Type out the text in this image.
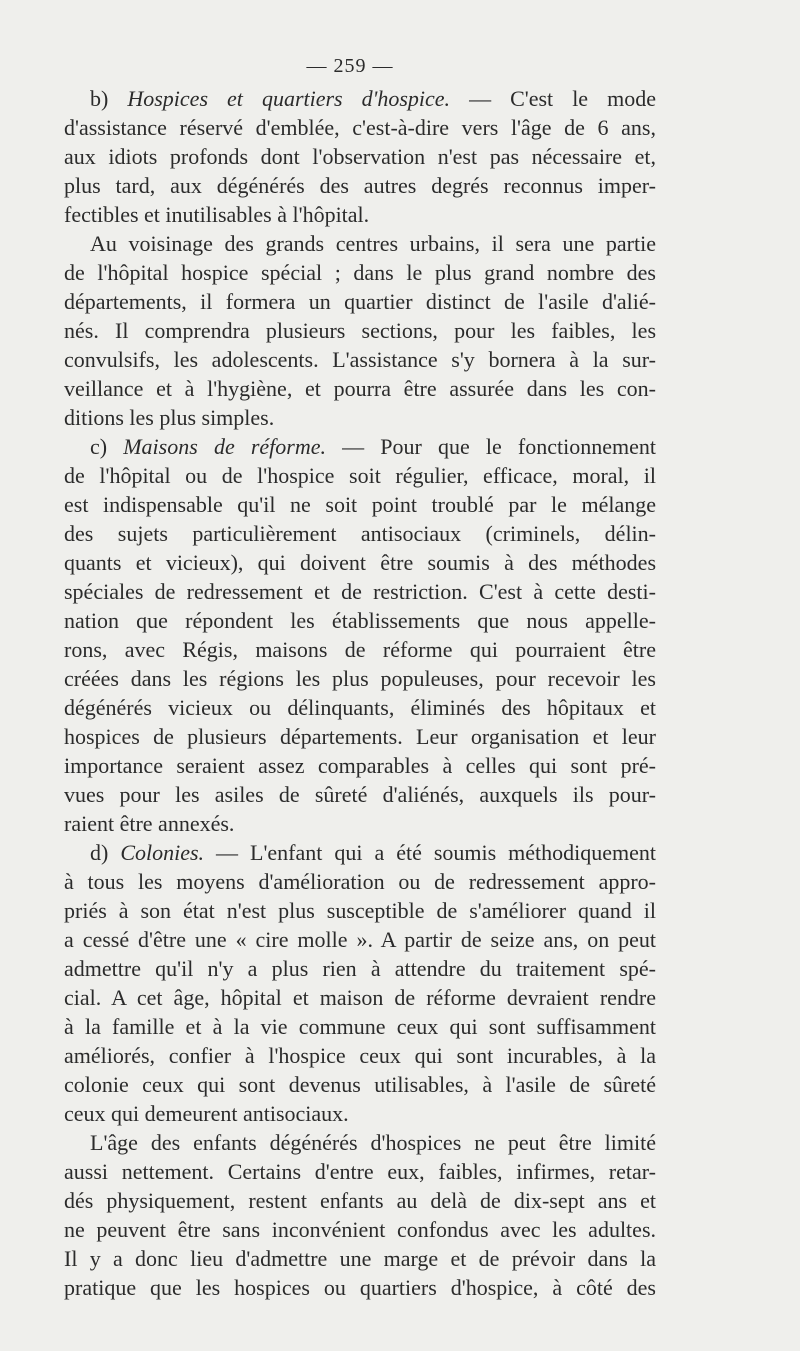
— 259 —
b) Hospices et quartiers d'hospice. — C'est le mode
d'assistance réservé d'emblée, c'est-à-dire vers l'âge de 6 ans,
aux idiots profonds dont l'observation n'est pas nécessaire et,
plus tard, aux dégénérés des autres degrés reconnus imper-
fectibles et inutilisables à l'hôpital.
Au voisinage des grands centres urbains, il sera une partie
de l'hôpital hospice spécial ; dans le plus grand nombre des
départements, il formera un quartier distinct de l'asile d'alié-
nés. Il comprendra plusieurs sections, pour les faibles, les
convulsifs, les adolescents. L'assistance s'y bornera à la sur-
veillance et à l'hygiène, et pourra être assurée dans les con-
ditions les plus simples.
c) Maisons de réforme. — Pour que le fonctionnement
de l'hôpital ou de l'hospice soit régulier, efficace, moral, il
est indispensable qu'il ne soit point troublé par le mélange
des sujets particulièrement antisociaux (criminels, délin-
quants et vicieux), qui doivent être soumis à des méthodes
spéciales de redressement et de restriction. C'est à cette desti-
nation que répondent les établissements que nous appelle-
rons, avec Régis, maisons de réforme qui pourraient être
créées dans les régions les plus populeuses, pour recevoir les
dégénérés vicieux ou délinquants, éliminés des hôpitaux et
hospices de plusieurs départements. Leur organisation et leur
importance seraient assez comparables à celles qui sont pré-
vues pour les asiles de sûreté d'aliénés, auxquels ils pour-
raient être annexés.
d) Colonies. — L'enfant qui a été soumis méthodiquement
à tous les moyens d'amélioration ou de redressement appro-
priés à son état n'est plus susceptible de s'améliorer quand il
a cessé d'être une « cire molle ». A partir de seize ans, on peut
admettre qu'il n'y a plus rien à attendre du traitement spé-
cial. A cet âge, hôpital et maison de réforme devraient rendre
à la famille et à la vie commune ceux qui sont suffisamment
améliorés, confier à l'hospice ceux qui sont incurables, à la
colonie ceux qui sont devenus utilisables, à l'asile de sûreté
ceux qui demeurent antisociaux.
L'âge des enfants dégénérés d'hospices ne peut être limité
aussi nettement. Certains d'entre eux, faibles, infirmes, retar-
dés physiquement, restent enfants au delà de dix-sept ans et
ne peuvent être sans inconvénient confondus avec les adultes.
Il y a donc lieu d'admettre une marge et de prévoir dans la
pratique que les hospices ou quartiers d'hospice, à côté des
